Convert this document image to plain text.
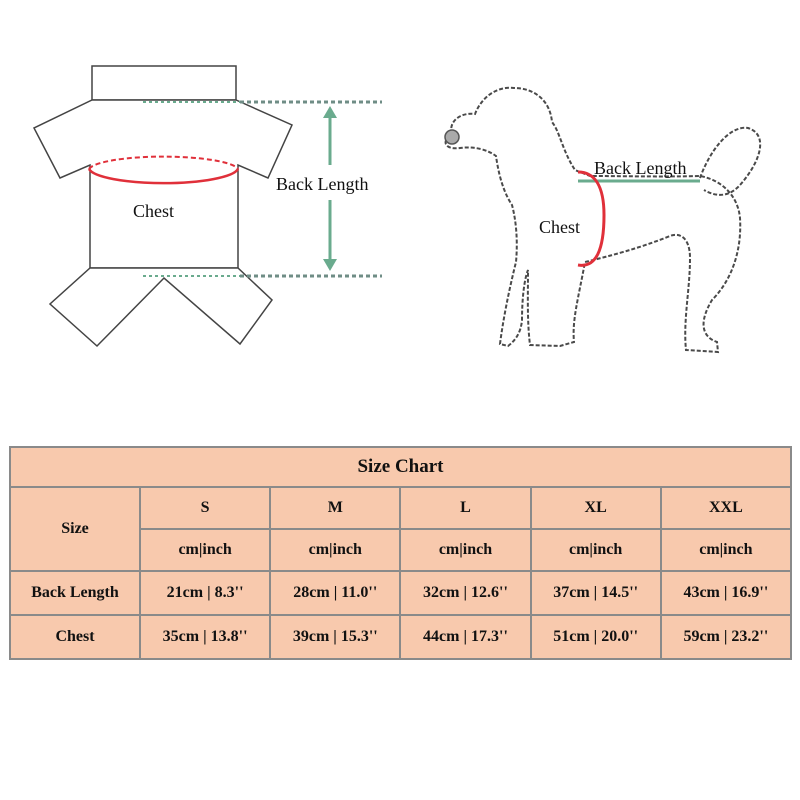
Chest
Back Length
Back Length
Chest
Size Chart					
Size	S	M	L	XL	XXL
	cm|inch	cm|inch	cm|inch	cm|inch	cm|inch
Back Length	21cm | 8.3''	28cm | 11.0''	32cm | 12.6''	37cm | 14.5''	43cm | 16.9''
Chest	35cm | 13.8''	39cm | 15.3''	44cm | 17.3''	51cm | 20.0''	59cm | 23.2''
